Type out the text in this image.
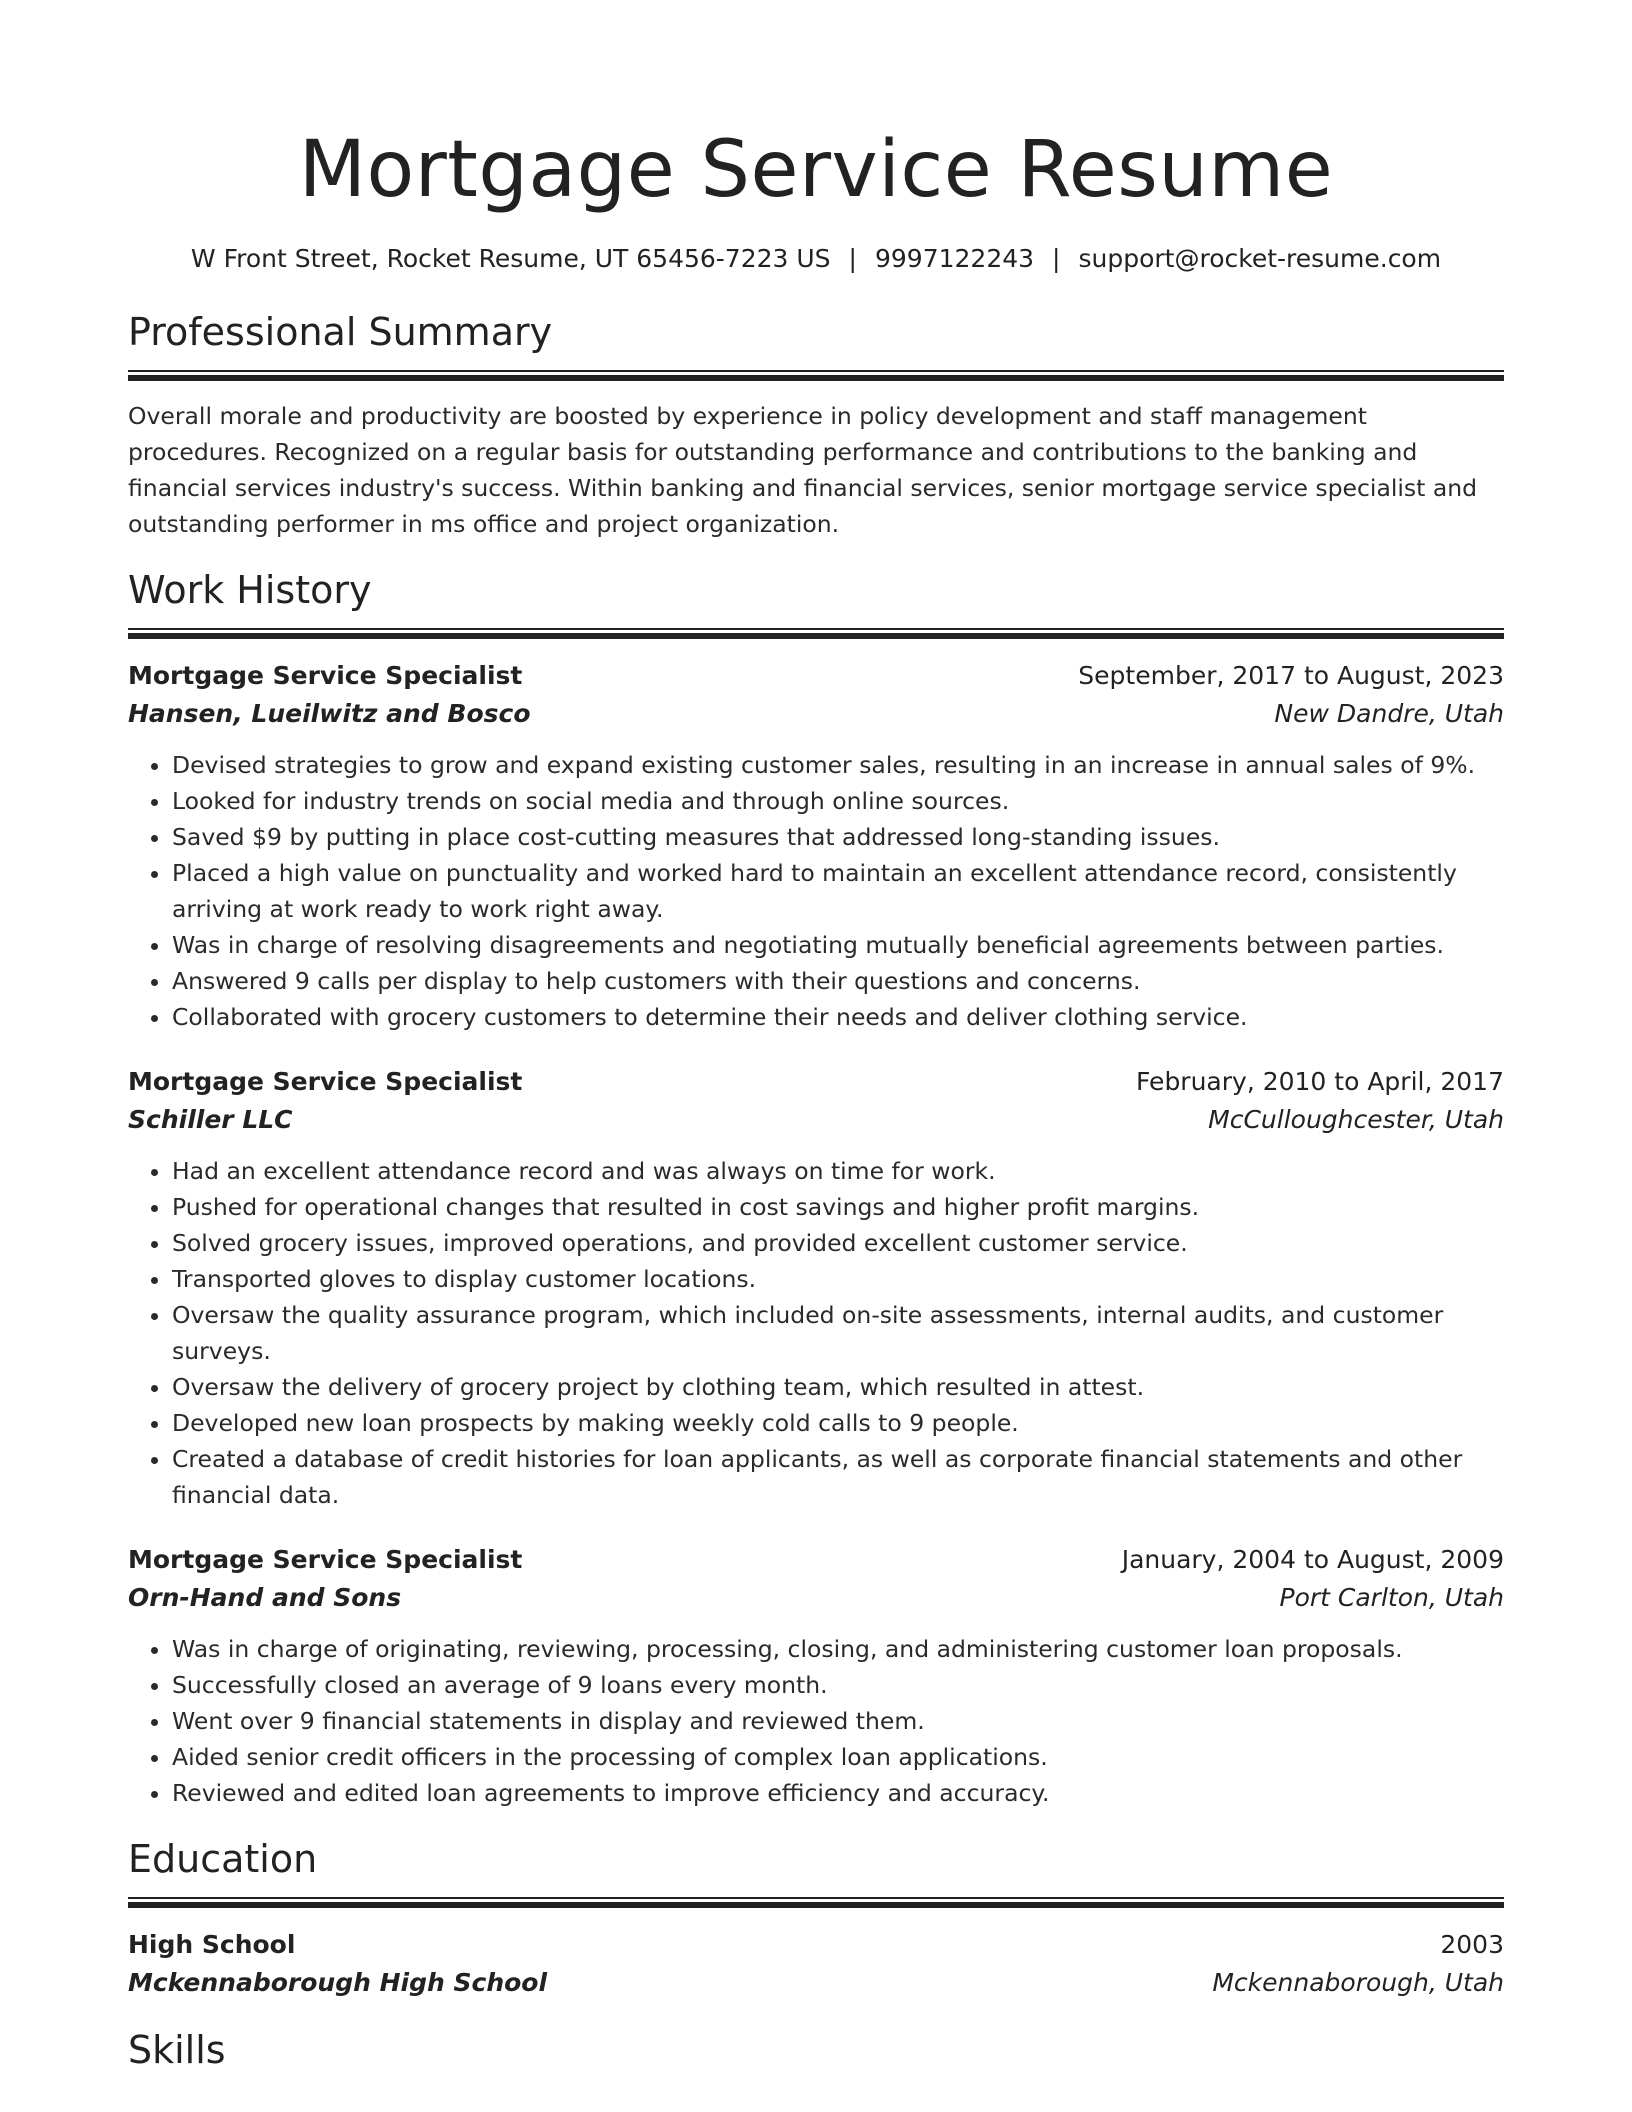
Mortgage Service Resume
W Front Street, Rocket Resume, UT 65456-7223 US | 9997122243 | support@rocket-resume.com
Professional Summary
Overall morale and productivity are boosted by experience in policy development and staff management procedures. Recognized on a regular basis for outstanding performance and contributions to the banking and financial services industry's success. Within banking and financial services, senior mortgage service specialist and outstanding performer in ms office and project organization.
Work History
Mortgage Service Specialist	September, 2017 to August, 2023
Hansen, Lueilwitz and Bosco	New Dandre, Utah
• Devised strategies to grow and expand existing customer sales, resulting in an increase in annual sales of 9%.
• Looked for industry trends on social media and through online sources.
• Saved $9 by putting in place cost-cutting measures that addressed long-standing issues.
• Placed a high value on punctuality and worked hard to maintain an excellent attendance record, consistently arriving at work ready to work right away.
• Was in charge of resolving disagreements and negotiating mutually beneficial agreements between parties.
• Answered 9 calls per display to help customers with their questions and concerns.
• Collaborated with grocery customers to determine their needs and deliver clothing service.
Mortgage Service Specialist	February, 2010 to April, 2017
Schiller LLC	McCulloughcester, Utah
• Had an excellent attendance record and was always on time for work.
• Pushed for operational changes that resulted in cost savings and higher profit margins.
• Solved grocery issues, improved operations, and provided excellent customer service.
• Transported gloves to display customer locations.
• Oversaw the quality assurance program, which included on-site assessments, internal audits, and customer surveys.
• Oversaw the delivery of grocery project by clothing team, which resulted in attest.
• Developed new loan prospects by making weekly cold calls to 9 people.
• Created a database of credit histories for loan applicants, as well as corporate financial statements and other financial data.
Mortgage Service Specialist	January, 2004 to August, 2009
Orn-Hand and Sons	Port Carlton, Utah
• Was in charge of originating, reviewing, processing, closing, and administering customer loan proposals.
• Successfully closed an average of 9 loans every month.
• Went over 9 financial statements in display and reviewed them.
• Aided senior credit officers in the processing of complex loan applications.
• Reviewed and edited loan agreements to improve efficiency and accuracy.
Education
High School	2003
Mckennaborough High School	Mckennaborough, Utah
Skills
